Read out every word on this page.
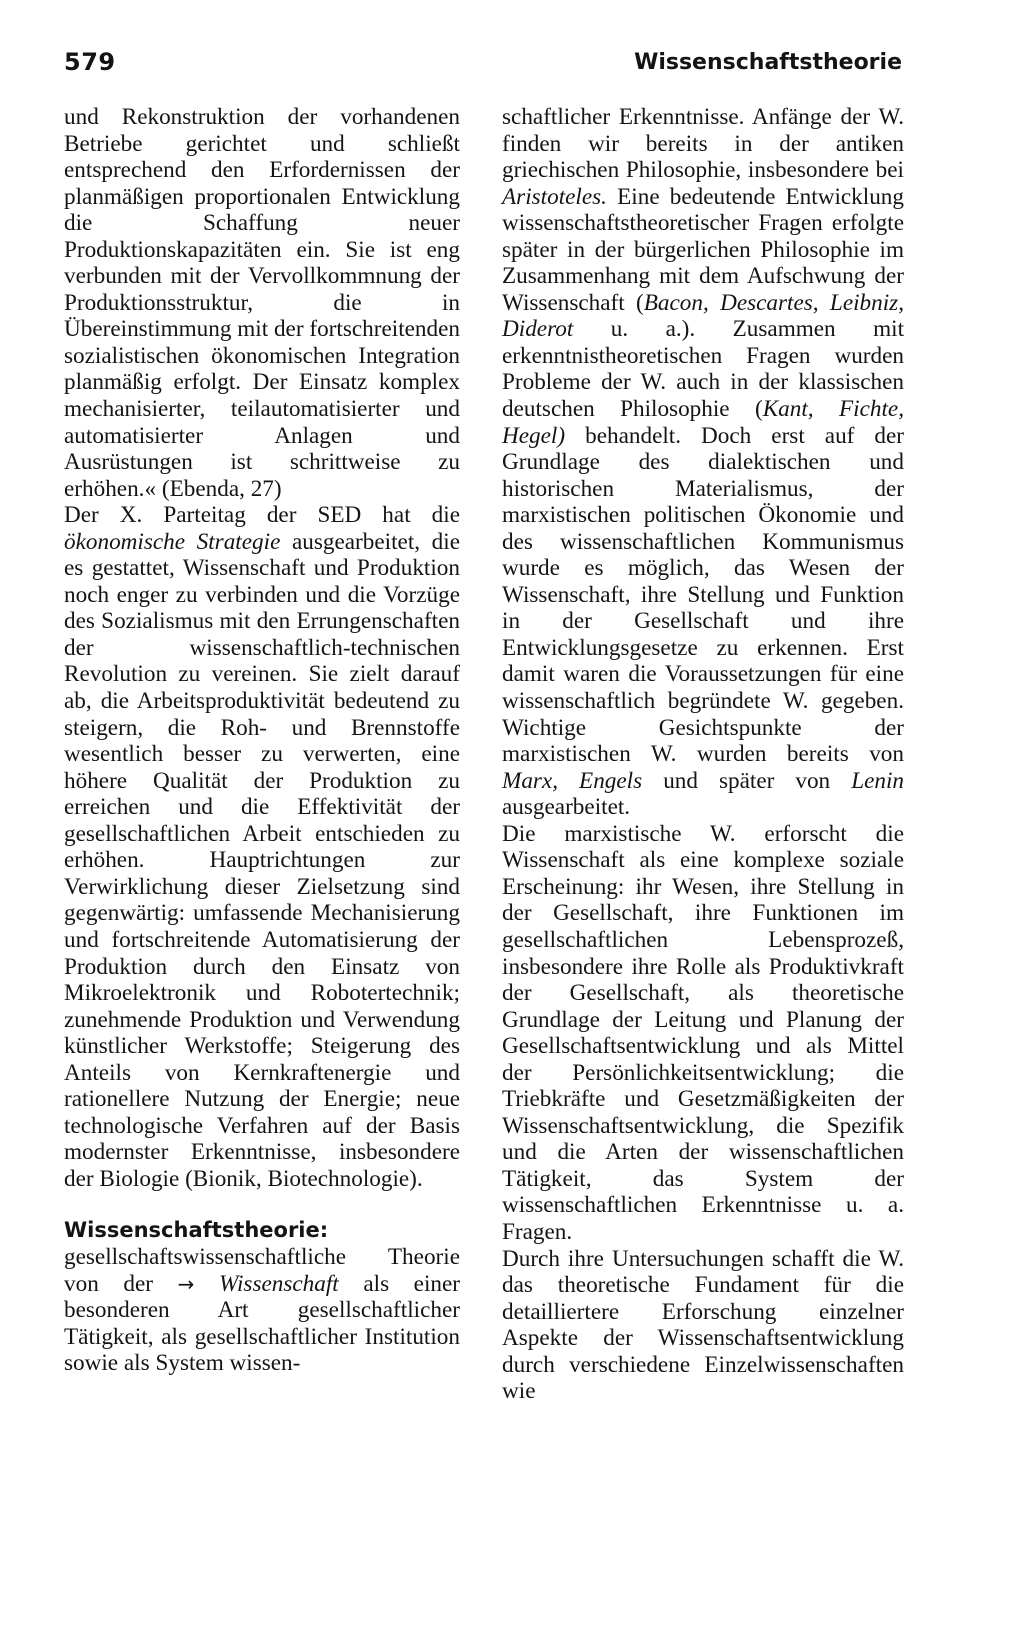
579	Wissenschaftstheorie

und Rekonstruktion der vorhandenen Betriebe gerichtet und schließt entsprechend den Erfordernissen der planmäßigen proportionalen Entwicklung die Schaffung neuer Produktionskapazitäten ein. Sie ist eng verbunden mit der Vervollkommnung der Produktionsstruktur, die in Übereinstimmung mit der fortschreitenden sozialistischen ökonomischen Integration planmäßig erfolgt. Der Einsatz komplex mechanisierter, teilautomatisierter und automatisierter Anlagen und Ausrüstungen ist schrittweise zu erhöhen.« (Ebenda, 27)

Der X. Parteitag der SED hat die ökonomische Strategie ausgearbeitet, die es gestattet, Wissenschaft und Produktion noch enger zu verbinden und die Vorzüge des Sozialismus mit den Errungenschaften der wissenschaftlich-technischen Revolution zu vereinen. Sie zielt darauf ab, die Arbeitsproduktivität bedeutend zu steigern, die Roh- und Brennstoffe wesentlich besser zu verwerten, eine höhere Qualität der Produktion zu erreichen und die Effektivität der gesellschaftlichen Arbeit entschieden zu erhöhen. Hauptrichtungen zur Verwirklichung dieser Zielsetzung sind gegenwärtig: umfassende Mechanisierung und fortschreitende Automatisierung der Produktion durch den Einsatz von Mikroelektronik und Robotertechnik; zunehmende Produktion und Verwendung künstlicher Werkstoffe; Steigerung des Anteils von Kernkraftenergie und rationellere Nutzung der Energie; neue technologische Verfahren auf der Basis modernster Erkenntnisse, insbesondere der Biologie (Bionik, Biotechnologie).

Wissenschaftstheorie: gesellschaftswissenschaftliche Theorie von der → Wissenschaft als einer besonderen Art gesellschaftlicher Tätigkeit, als gesellschaftlicher Institution sowie als System wissen-

schaftlicher Erkenntnisse. Anfänge der W. finden wir bereits in der antiken griechischen Philosophie, insbesondere bei Aristoteles. Eine bedeutende Entwicklung wissenschaftstheoretischer Fragen erfolgte später in der bürgerlichen Philosophie im Zusammenhang mit dem Aufschwung der Wissenschaft (Bacon, Descartes, Leibniz, Diderot u. a.). Zusammen mit erkenntnistheoretischen Fragen wurden Probleme der W. auch in der klassischen deutschen Philosophie (Kant, Fichte, Hegel) behandelt. Doch erst auf der Grundlage des dialektischen und historischen Materialismus, der marxistischen politischen Ökonomie und des wissenschaftlichen Kommunismus wurde es möglich, das Wesen der Wissenschaft, ihre Stellung und Funktion in der Gesellschaft und ihre Entwicklungsgesetze zu erkennen. Erst damit waren die Voraussetzungen für eine wissenschaftlich begründete W. gegeben. Wichtige Gesichtspunkte der marxistischen W. wurden bereits von Marx, Engels und später von Lenin ausgearbeitet.

Die marxistische W. erforscht die Wissenschaft als eine komplexe soziale Erscheinung: ihr Wesen, ihre Stellung in der Gesellschaft, ihre Funktionen im gesellschaftlichen Lebensprozeß, insbesondere ihre Rolle als Produktivkraft der Gesellschaft, als theoretische Grundlage der Leitung und Planung der Gesellschaftsentwicklung und als Mittel der Persönlichkeitsentwicklung; die Triebkräfte und Gesetzmäßigkeiten der Wissenschaftsentwicklung, die Spezifik und die Arten der wissenschaftlichen Tätigkeit, das System der wissenschaftlichen Erkenntnisse u. a. Fragen.

Durch ihre Untersuchungen schafft die W. das theoretische Fundament für die detailliertere Erforschung einzelner Aspekte der Wissenschaftsentwicklung durch verschiedene Einzelwissenschaften wie
